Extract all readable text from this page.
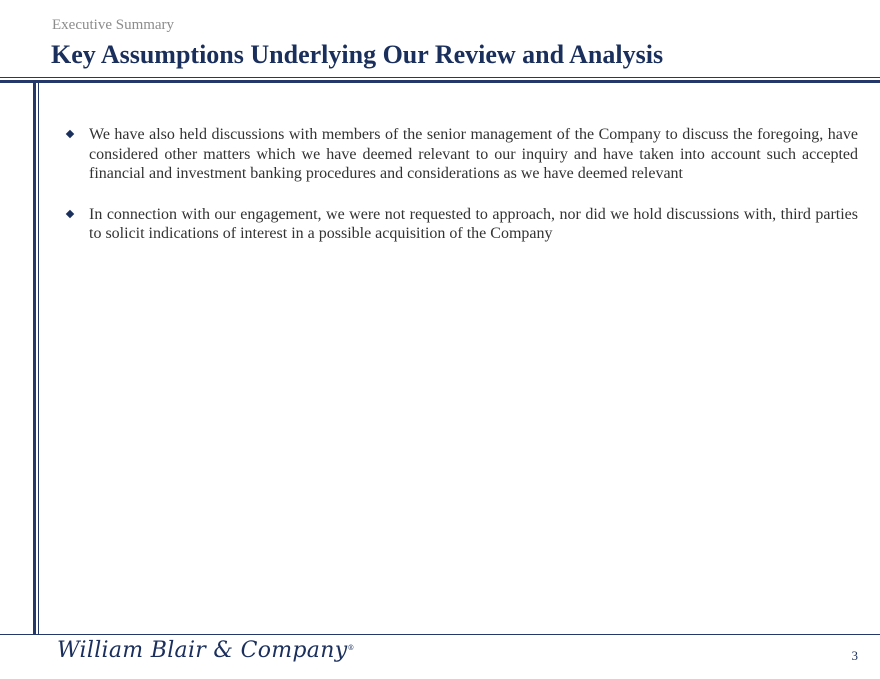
Executive Summary
Key Assumptions Underlying Our Review and Analysis
We have also held discussions with members of the senior management of the Company to discuss the foregoing, have considered other matters which we have deemed relevant to our inquiry and have taken into account such accepted financial and investment banking procedures and considerations as we have deemed relevant
In connection with our engagement, we were not requested to approach, nor did we hold discussions with, third parties to solicit indications of interest in a possible acquisition of the Company
William Blair & Company®	3
